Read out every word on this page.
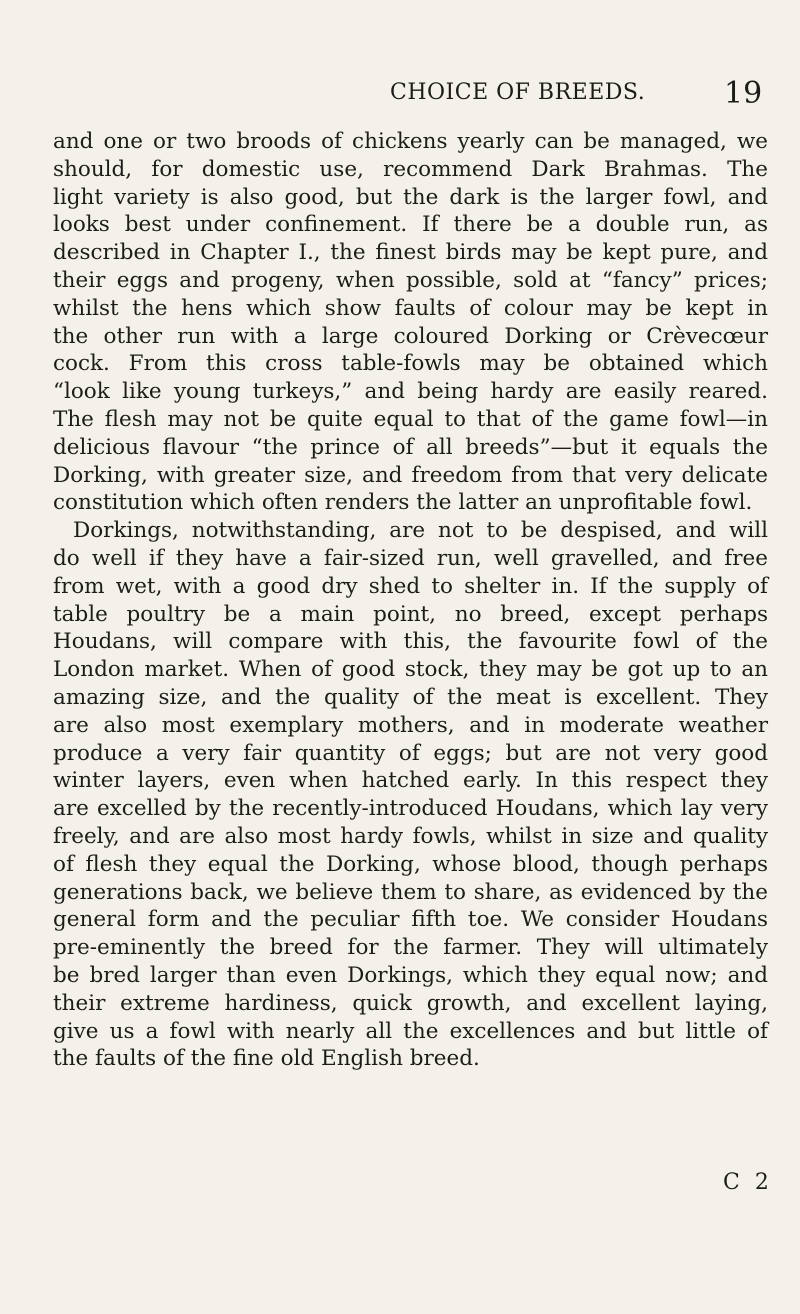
CHOICE OF BREEDS.	19
and one or two broods of chickens yearly can be managed, we
should, for domestic use, recommend Dark Brahmas. The
light variety is also good, but the dark is the larger fowl, and
looks best under confinement. If there be a double run, as
described in Chapter I., the finest birds may be kept pure, and
their eggs and progeny, when possible, sold at “fancy” prices;
whilst the hens which show faults of colour may be kept in
the other run with a large coloured Dorking or Crèvecœur
cock. From this cross table-fowls may be obtained which
“look like young turkeys,” and being hardy are easily reared.
The flesh may not be quite equal to that of the game fowl—in
delicious flavour “the prince of all breeds”—but it equals the
Dorking, with greater size, and freedom from that very delicate
constitution which often renders the latter an unprofitable fowl.
Dorkings, notwithstanding, are not to be despised, and will
do well if they have a fair-sized run, well gravelled, and free
from wet, with a good dry shed to shelter in. If the supply of
table poultry be a main point, no breed, except perhaps
Houdans, will compare with this, the favourite fowl of the
London market. When of good stock, they may be got up to an
amazing size, and the quality of the meat is excellent. They
are also most exemplary mothers, and in moderate weather
produce a very fair quantity of eggs; but are not very good
winter layers, even when hatched early. In this respect they
are excelled by the recently-introduced Houdans, which lay very
freely, and are also most hardy fowls, whilst in size and quality
of flesh they equal the Dorking, whose blood, though perhaps
generations back, we believe them to share, as evidenced by the
general form and the peculiar fifth toe. We consider Houdans
pre-eminently the breed for the farmer. They will ultimately
be bred larger than even Dorkings, which they equal now; and
their extreme hardiness, quick growth, and excellent laying,
give us a fowl with nearly all the excellences and but little of
the faults of the fine old English breed.
C 2
